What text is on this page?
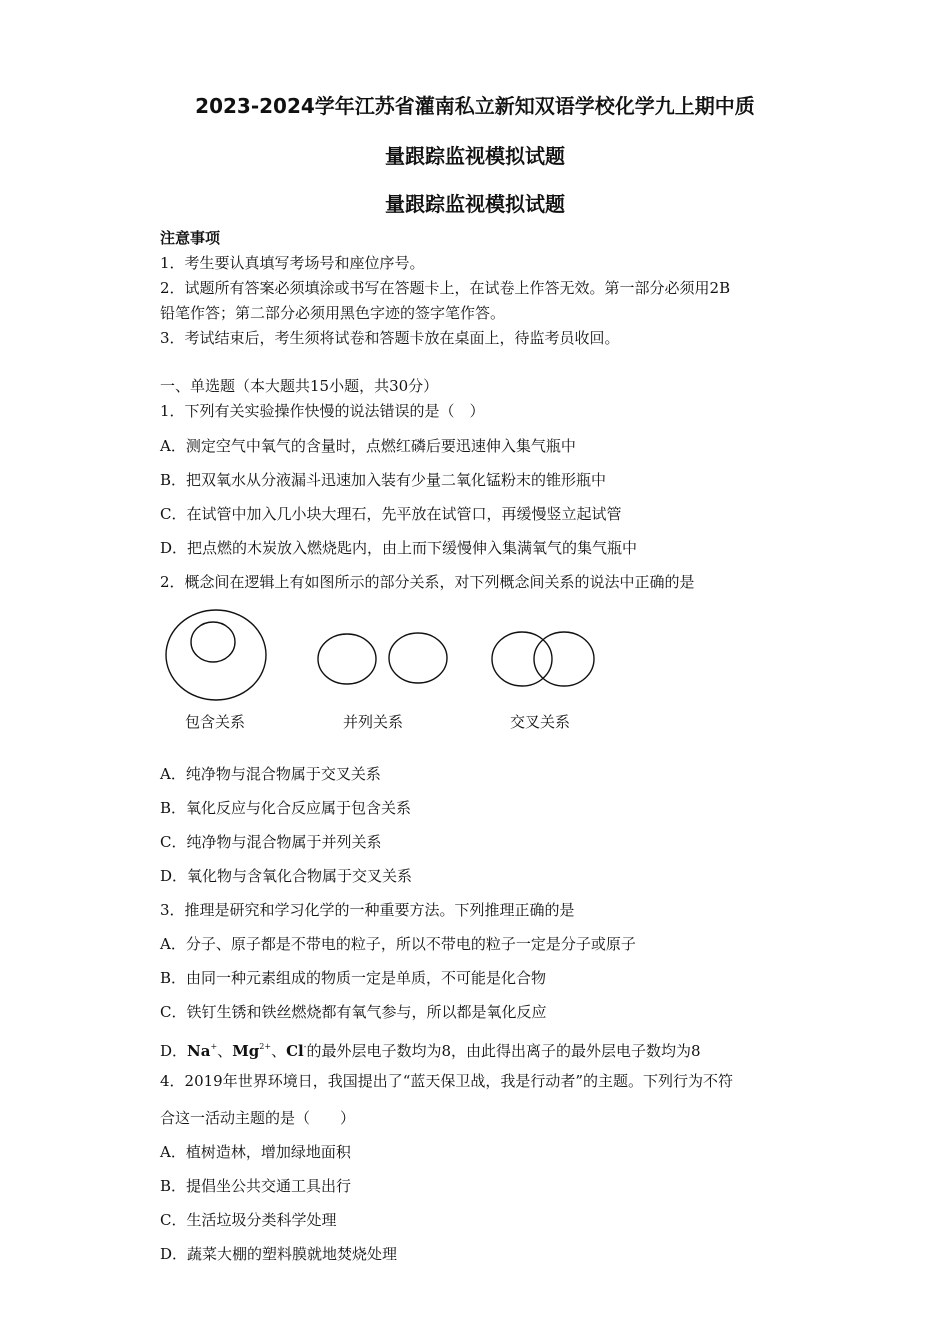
2023-2024学年江苏省灌南私立新知双语学校化学九上期中质
量跟踪监视模拟试题
量跟踪监视模拟试题
注意事项
1．考生要认真填写考场号和座位序号。
2．试题所有答案必须填涂或书写在答题卡上，在试卷上作答无效。第一部分必须用2B
铅笔作答；第二部分必须用黑色字迹的签字笔作答。
3．考试结束后，考生须将试卷和答题卡放在桌面上，待监考员收回。
一、单选题（本大题共15小题，共30分）
1．下列有关实验操作快慢的说法错误的是（　）
A．测定空气中氧气的含量时，点燃红磷后要迅速伸入集气瓶中
B．把双氧水从分液漏斗迅速加入装有少量二氧化锰粉末的锥形瓶中
C．在试管中加入几小块大理石，先平放在试管口，再缓慢竖立起试管
D．把点燃的木炭放入燃烧匙内，由上而下缓慢伸入集满氧气的集气瓶中
2．概念间在逻辑上有如图所示的部分关系，对下列概念间关系的说法中正确的是
包含关系	并列关系	交叉关系
A．纯净物与混合物属于交叉关系
B．氧化反应与化合反应属于包含关系
C．纯净物与混合物属于并列关系
D．氧化物与含氧化合物属于交叉关系
3．推理是研究和学习化学的一种重要方法。下列推理正确的是
A．分子、原子都是不带电的粒子，所以不带电的粒子一定是分子或原子
B．由同一种元素组成的物质一定是单质，不可能是化合物
C．铁钉生锈和铁丝燃烧都有氧气参与，所以都是氧化反应
D．Na+、$Mg^{2+}$、Cl-的最外层电子数均为8，由此得出离子的最外层电子数均为8
4．2019年世界环境日，我国提出了“蓝天保卫战，我是行动者”的主题。下列行为不符
合这一活动主题的是（　　）
A．植树造林，增加绿地面积
B．提倡坐公共交通工具出行
C．生活垃圾分类科学处理
D．蔬菜大棚的塑料膜就地焚烧处理
